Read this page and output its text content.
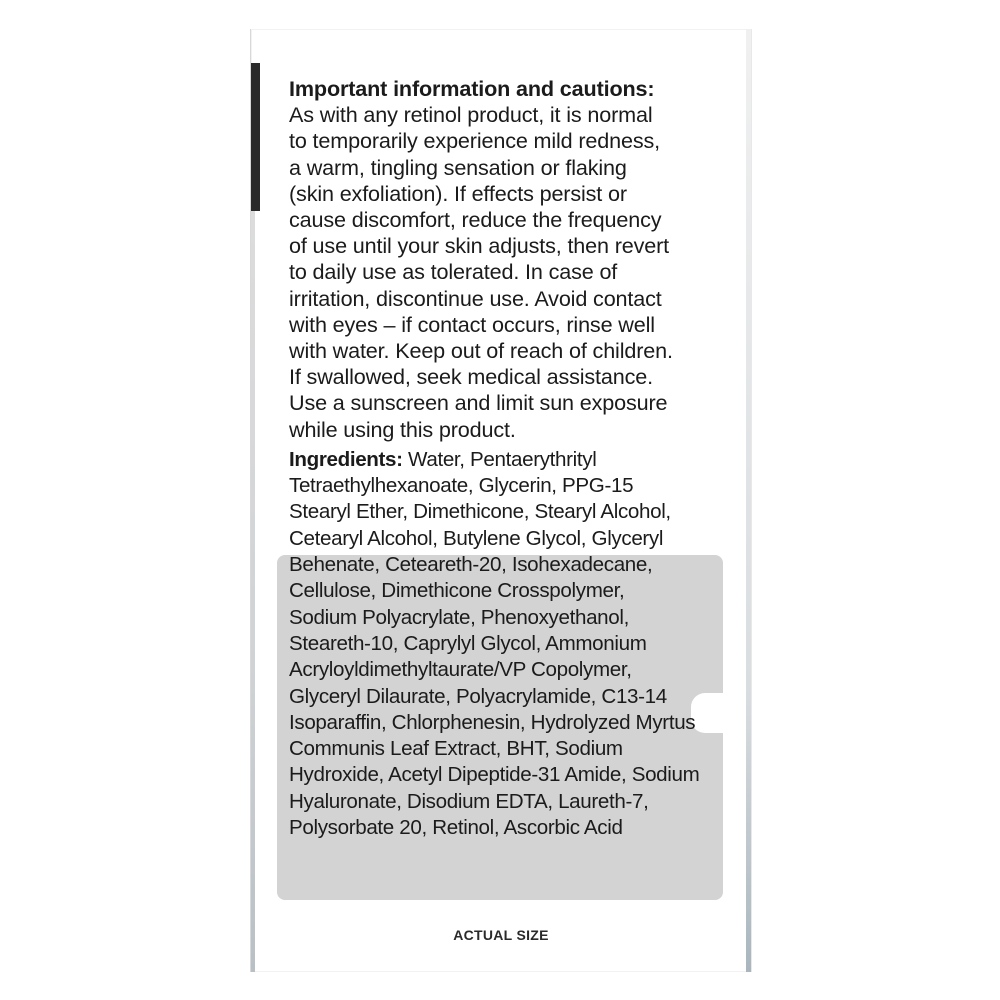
Important information and cautions:
As with any retinol product, it is normal
to temporarily experience mild redness,
a warm, tingling sensation or flaking
(skin exfoliation). If effects persist or
cause discomfort, reduce the frequency
of use until your skin adjusts, then revert
to daily use as tolerated. In case of
irritation, discontinue use. Avoid contact
with eyes – if contact occurs, rinse well
with water. Keep out of reach of children.
If swallowed, seek medical assistance.
Use a sunscreen and limit sun exposure
while using this product.
Ingredients: Water, Pentaerythrityl
Tetraethylhexanoate, Glycerin, PPG-15
Stearyl Ether, Dimethicone, Stearyl Alcohol,
Cetearyl Alcohol, Butylene Glycol, Glyceryl
Behenate, Ceteareth-20, Isohexadecane,
Cellulose, Dimethicone Crosspolymer,
Sodium Polyacrylate, Phenoxyethanol,
Steareth-10, Caprylyl Glycol, Ammonium
Acryloyldimethyltaurate/VP Copolymer,
Glyceryl Dilaurate, Polyacrylamide, C13-14
Isoparaffin, Chlorphenesin, Hydrolyzed Myrtus
Communis Leaf Extract, BHT, Sodium
Hydroxide, Acetyl Dipeptide-31 Amide, Sodium
Hyaluronate, Disodium EDTA, Laureth-7,
Polysorbate 20, Retinol, Ascorbic Acid
ACTUAL SIZE
